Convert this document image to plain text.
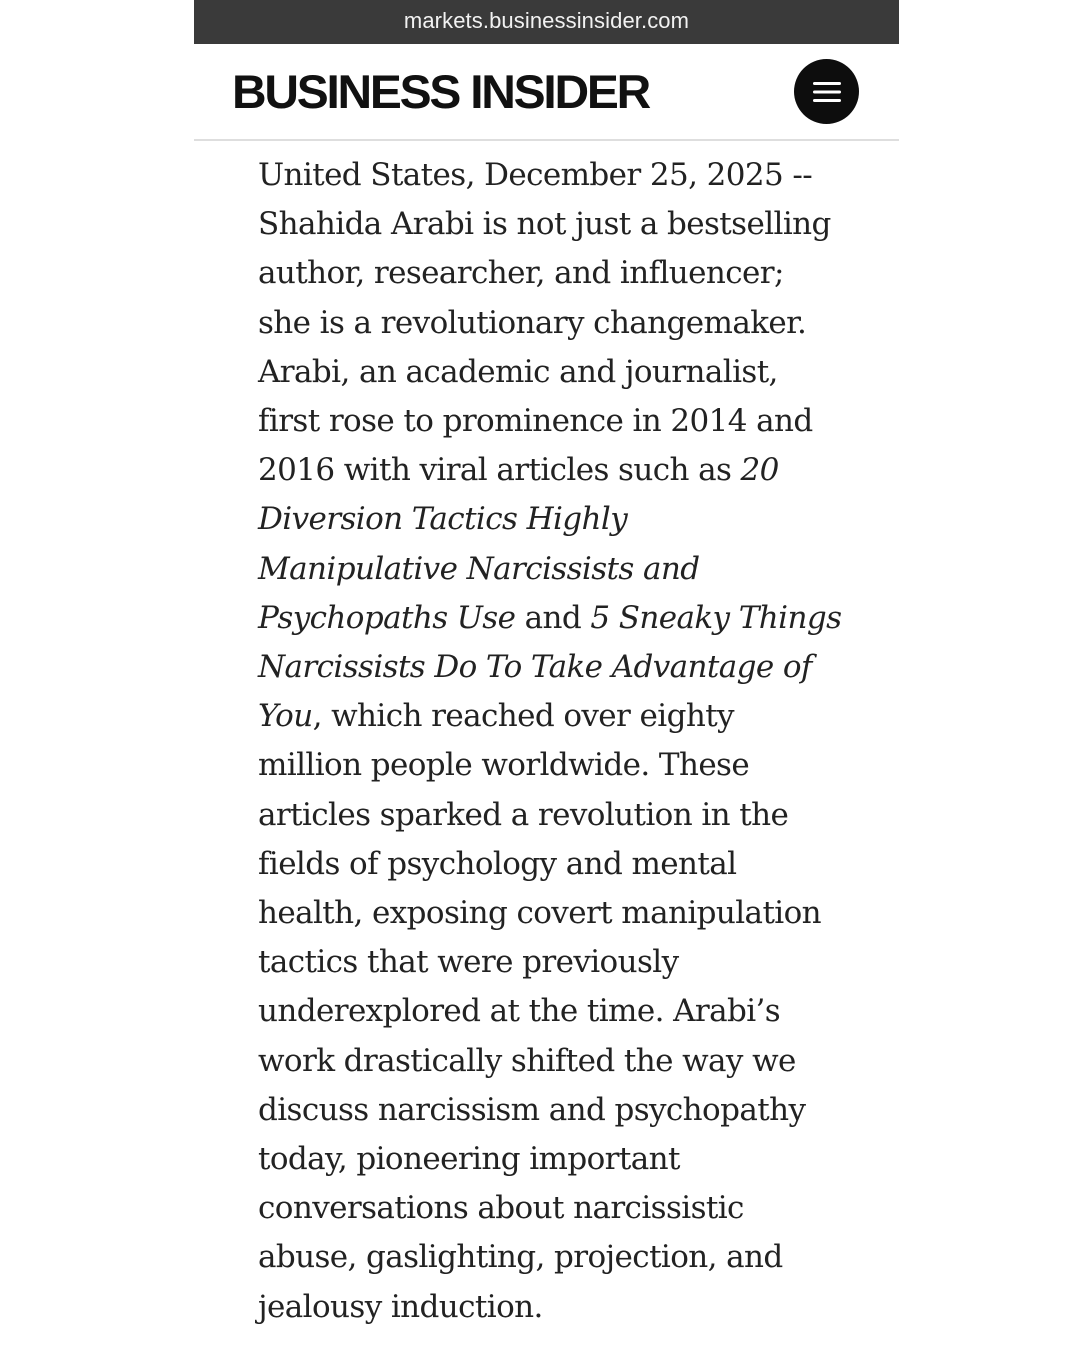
markets.businessinsider.com
BUSINESS INSIDER

United States, December 25, 2025 --
Shahida Arabi is not just a bestselling
author, researcher, and influencer;
she is a revolutionary changemaker.
Arabi, an academic and journalist,
first rose to prominence in 2014 and
2016 with viral articles such as 20
Diversion Tactics Highly
Manipulative Narcissists and
Psychopaths Use and 5 Sneaky Things
Narcissists Do To Take Advantage of
You, which reached over eighty
million people worldwide. These
articles sparked a revolution in the
fields of psychology and mental
health, exposing covert manipulation
tactics that were previously
underexplored at the time. Arabi’s
work drastically shifted the way we
discuss narcissism and psychopathy
today, pioneering important
conversations about narcissistic
abuse, gaslighting, projection, and
jealousy induction.
